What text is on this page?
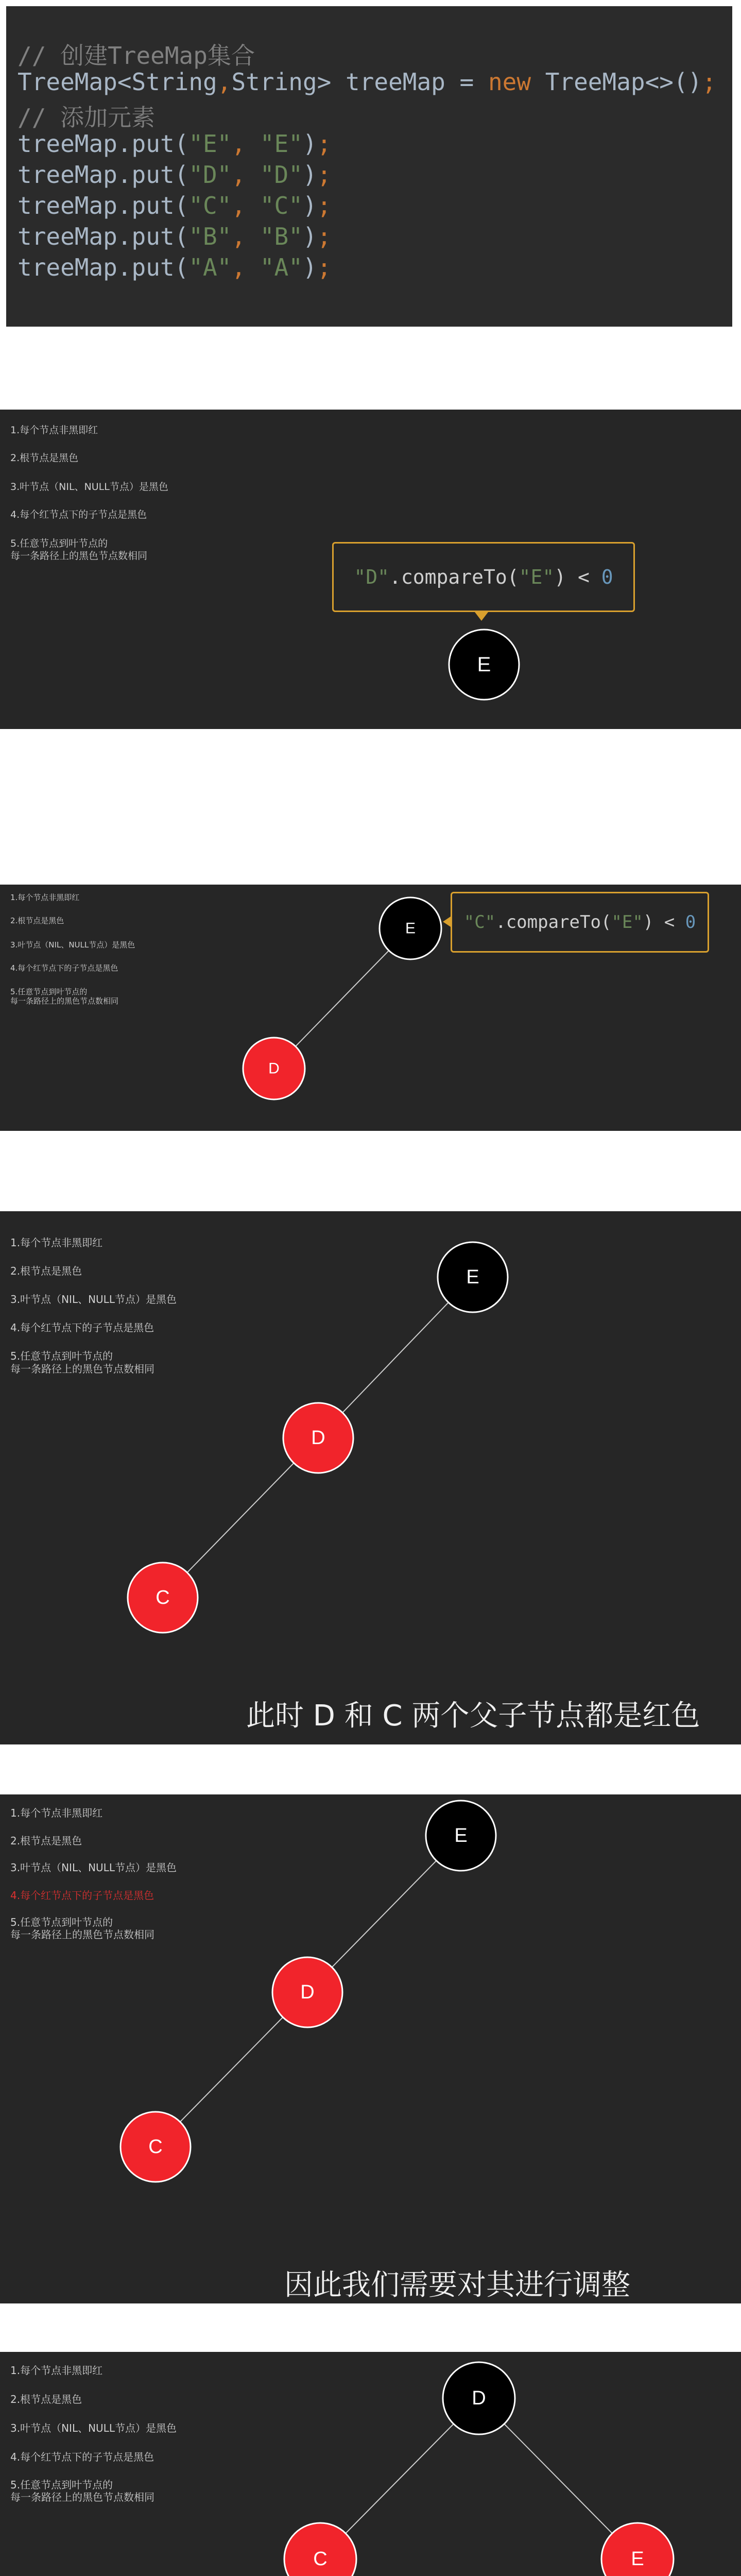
// 创建TreeMap集合
TreeMap<String,String> treeMap = new TreeMap<>();
// 添加元素
treeMap.put("E", "E");
treeMap.put("D", "D");
treeMap.put("C", "C");
treeMap.put("B", "B");
treeMap.put("A", "A");
1.每个节点非黑即红
2.根节点是黑色
3.叶节点（NIL、NULL节点）是黑色
4.每个红节点下的子节点是黑色
5.任意节点到叶节点的
每一条路径上的黑色节点数相同
"D" .compareTo( "E" ) < 0
E
1.每个节点非黑即红
2.根节点是黑色
3.叶节点（NIL、NULL节点）是黑色
4.每个红节点下的子节点是黑色
5.任意节点到叶节点的
每一条路径上的黑色节点数相同
"C" .compareTo( "E" ) < 0
E
D
1.每个节点非黑即红
2.根节点是黑色
3.叶节点（NIL、NULL节点）是黑色
4.每个红节点下的子节点是黑色
5.任意节点到叶节点的
每一条路径上的黑色节点数相同
E
D
C
此时 D 和 C 两个父子节点都是红色
1.每个节点非黑即红
2.根节点是黑色
3.叶节点（NIL、NULL节点）是黑色
4.每个红节点下的子节点是黑色
5.任意节点到叶节点的
每一条路径上的黑色节点数相同
E
D
C
因此我们需要对其进行调整
1.每个节点非黑即红
2.根节点是黑色
3.叶节点（NIL、NULL节点）是黑色
4.每个红节点下的子节点是黑色
5.任意节点到叶节点的
每一条路径上的黑色节点数相同
D
C	E
